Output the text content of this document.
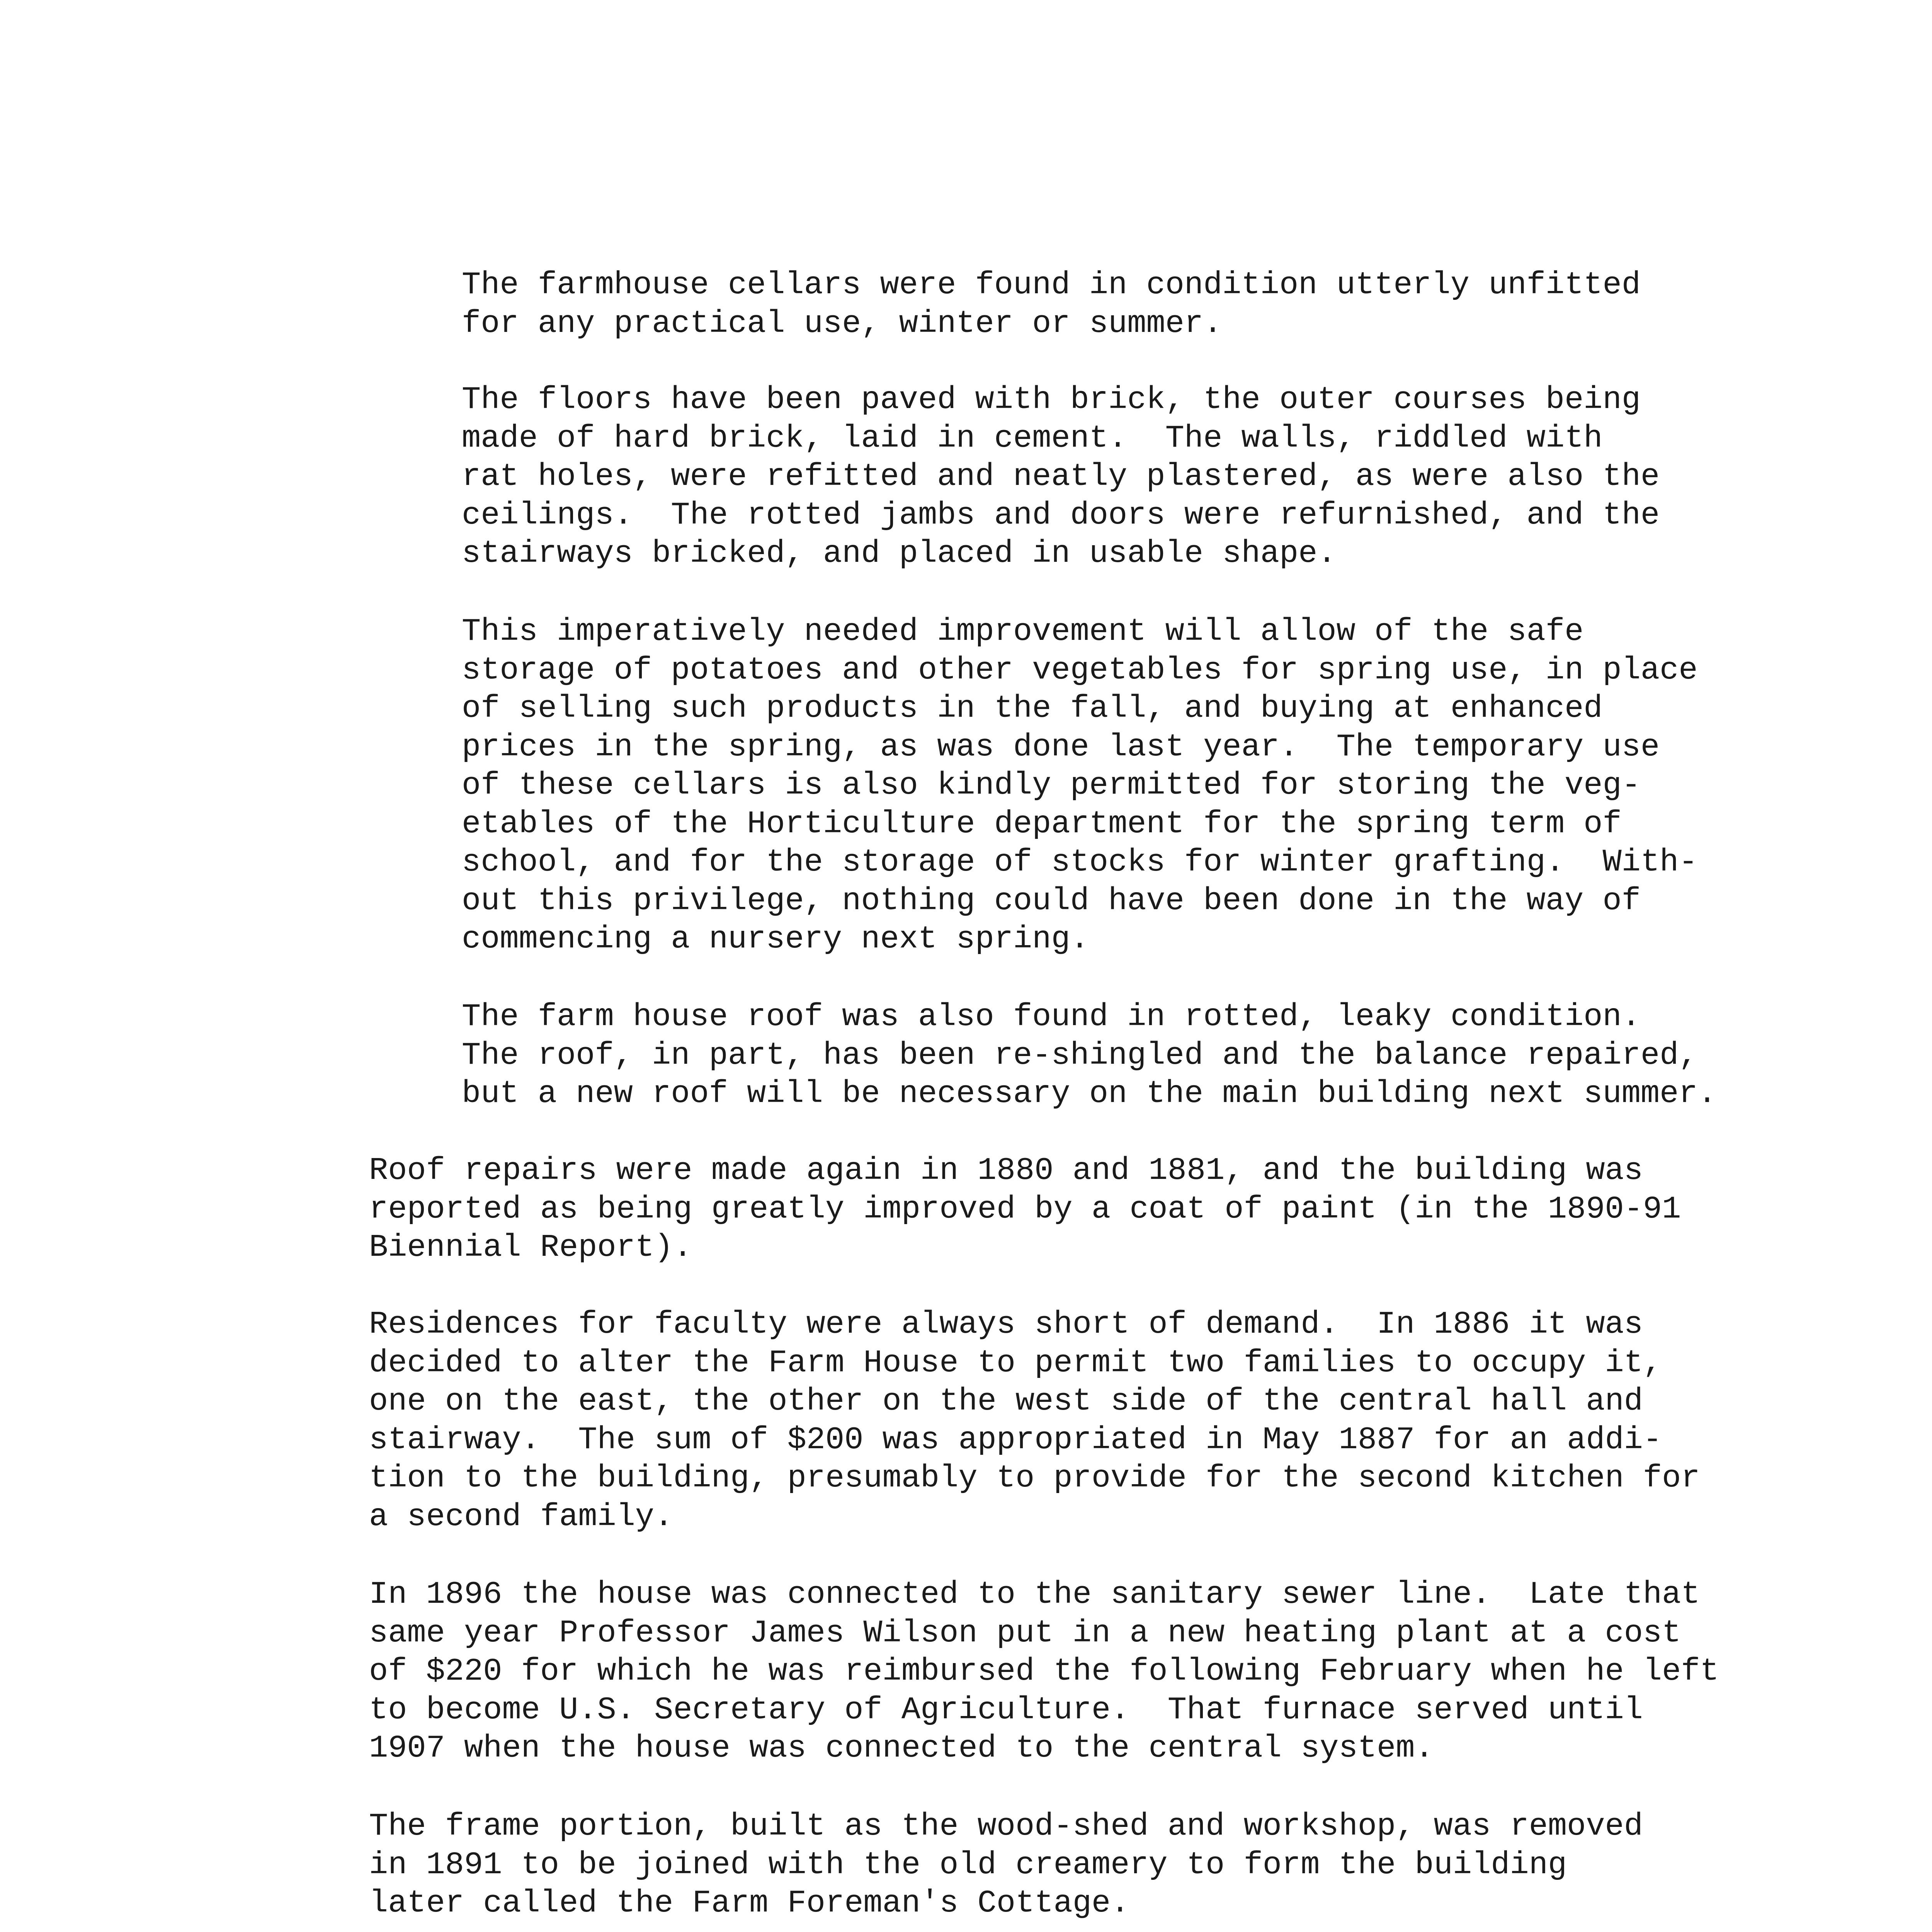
The farmhouse cellars were found in condition utterly unfitted
for any practical use, winter or summer.

The floors have been paved with brick, the outer courses being
made of hard brick, laid in cement.  The walls, riddled with
rat holes, were refitted and neatly plastered, as were also the
ceilings.  The rotted jambs and doors were refurnished, and the
stairways bricked, and placed in usable shape.

This imperatively needed improvement will allow of the safe
storage of potatoes and other vegetables for spring use, in place
of selling such products in the fall, and buying at enhanced
prices in the spring, as was done last year.  The temporary use
of these cellars is also kindly permitted for storing the veg-
etables of the Horticulture department for the spring term of
school, and for the storage of stocks for winter grafting.  With-
out this privilege, nothing could have been done in the way of
commencing a nursery next spring.

The farm house roof was also found in rotted, leaky condition.
The roof, in part, has been re-shingled and the balance repaired,
but a new roof will be necessary on the main building next summer.

Roof repairs were made again in 1880 and 1881, and the building was
reported as being greatly improved by a coat of paint (in the 1890-91
Biennial Report).

Residences for faculty were always short of demand.  In 1886 it was
decided to alter the Farm House to permit two families to occupy it,
one on the east, the other on the west side of the central hall and
stairway.  The sum of $200 was appropriated in May 1887 for an addi-
tion to the building, presumably to provide for the second kitchen for
a second family.

In 1896 the house was connected to the sanitary sewer line.  Late that
same year Professor James Wilson put in a new heating plant at a cost
of $220 for which he was reimbursed the following February when he left
to become U.S. Secretary of Agriculture.  That furnace served until
1907 when the house was connected to the central system.

The frame portion, built as the wood-shed and workshop, was removed
in 1891 to be joined with the old creamery to form the building
later called the Farm Foreman's Cottage.
